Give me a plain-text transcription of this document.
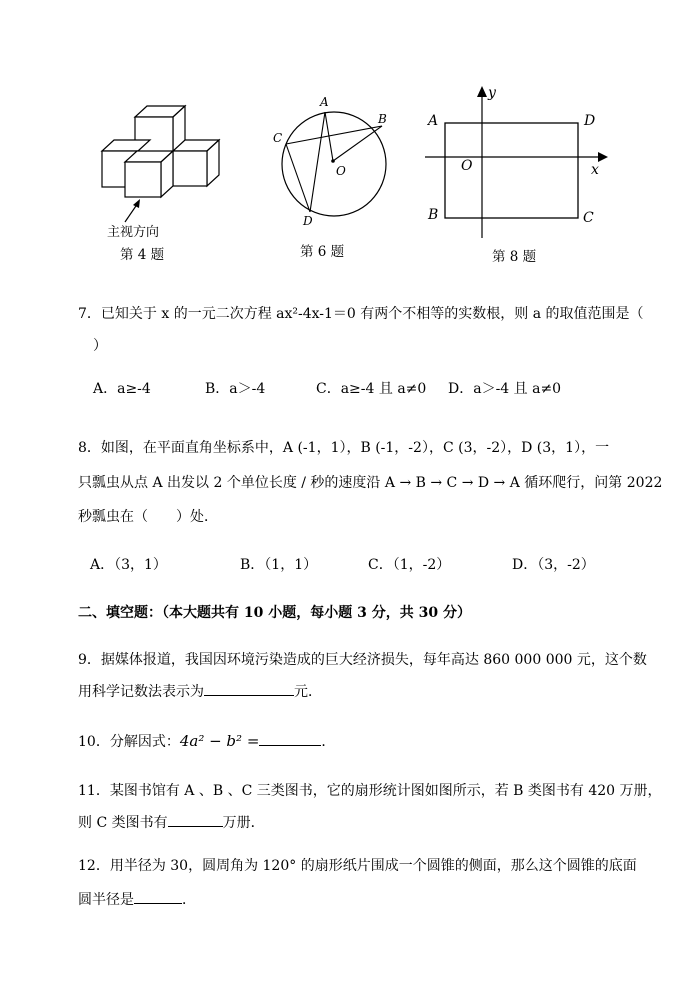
主视方向
第 4 题
A
B
C
D
O
第 6 题
A	D
B	C
O
y
x
第 8 题
7．已知关于 x 的一元二次方程 ax²-4x-1＝0 有两个不相等的实数根，则 a 的取值范围是（
）
A．a≥-4	B．a＞-4	C．a≥-4 且 a≠0 D．a＞-4 且 a≠0
8．如图，在平面直角坐标系中，A (-1，1），B (-1，-2），C (3，-2），D (3，1），一
只瓢虫从点 A 出发以 2 个单位长度 / 秒的速度沿 A → B → C → D → A 循环爬行，问第 2022
秒瓢虫在（　　）处．
A．（3，1）	B．（1，1）	C．（1，-2）	D．（3，-2）
二、填空题：（本大题共有 10 小题，每小题 3 分，共 30 分）
9．据媒体报道，我国因环境污染造成的巨大经济损失，每年高达 860 000 000 元，这个数
用科学记数法表示为	元．
10．分解因式：4a² − b² =	．
11．某图书馆有 A 、B 、C 三类图书，它的扇形统计图如图所示，若 B 类图书有 420 万册，
则 C 类图书有	万册．
12．用半径为 30，圆周角为 120° 的扇形纸片围成一个圆锥的侧面，那么这个圆锥的底面
圆半径是	．
